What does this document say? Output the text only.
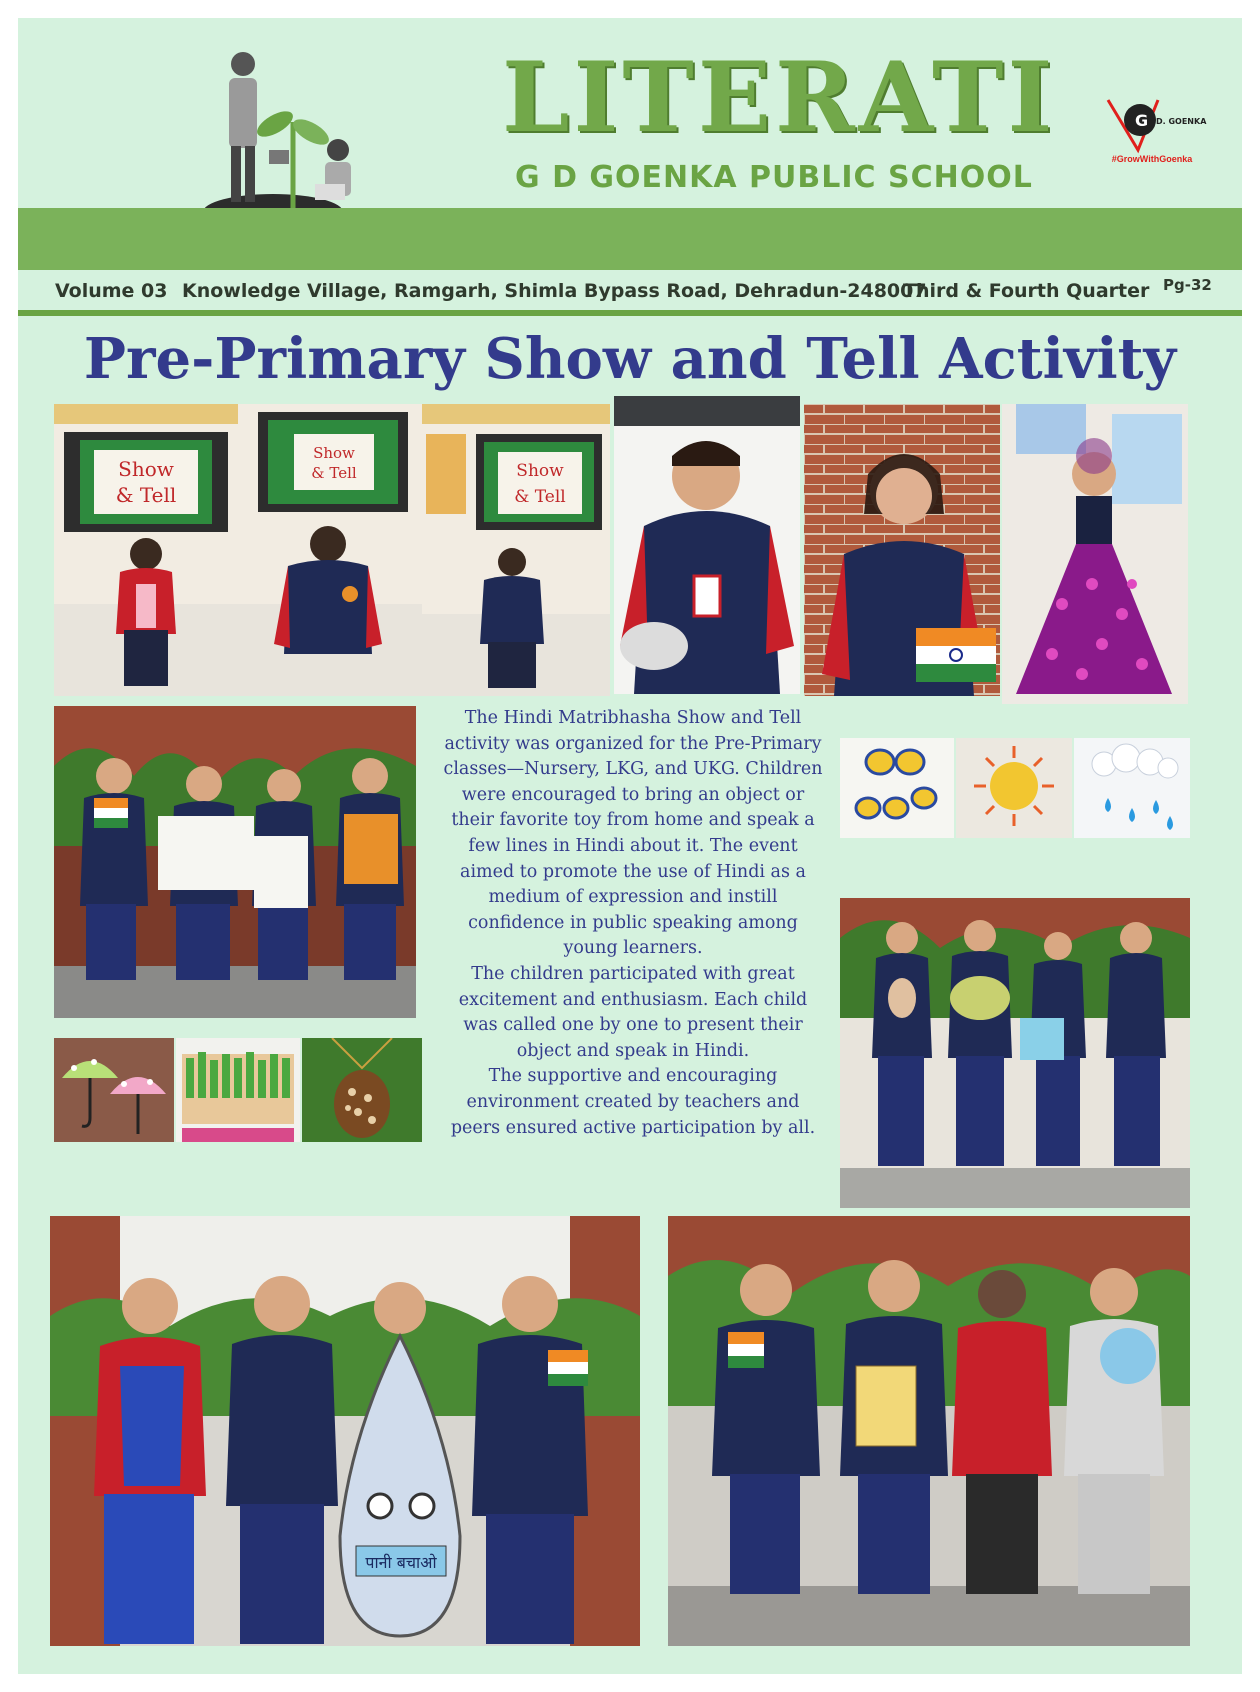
LITERATI
G D GOENKA PUBLIC SCHOOL
G D. GOENKA
#GrowWithGoenka
Volume 03 Knowledge Village, Ramgarh, Shimla Bypass Road, Dehradun-248007
Third & Fourth Quarter Pg-32
Pre-Primary Show and Tell Activity
Show
& Tell
Show
& Tell	Show
& Tell

The Hindi Matribhasha Show and Tell activity was organized for the Pre-Primary classes—Nursery, LKG, and UKG. Children were encouraged to bring an object or their favorite toy from home and speak a few lines in Hindi about it. The event aimed to promote the use of Hindi as a medium of expression and instill confidence in public speaking among young learners.

The children participated with great excitement and enthusiasm. Each child was called one by one to present their object and speak in Hindi.

The supportive and encouraging environment created by teachers and peers ensured active participation by all.

पानी बचाओ
